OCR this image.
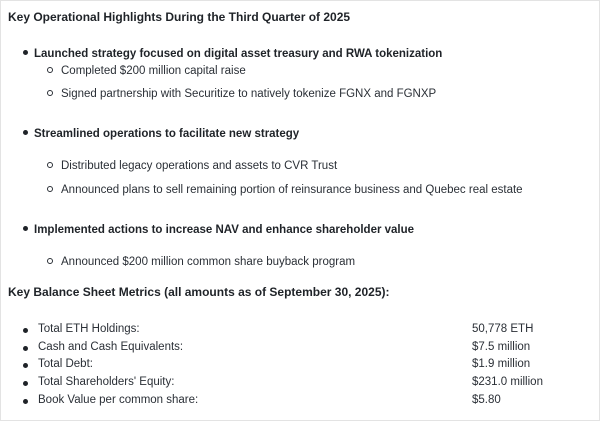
Key Operational Highlights During the Third Quarter of 2025
Launched strategy focused on digital asset treasury and RWA tokenization
Completed $200 million capital raise
Signed partnership with Securitize to natively tokenize FGNX and FGNXP
Streamlined operations to facilitate new strategy
Distributed legacy operations and assets to CVR Trust
Announced plans to sell remaining portion of reinsurance business and Quebec real estate
Implemented actions to increase NAV and enhance shareholder value
Announced $200 million common share buyback program
Key Balance Sheet Metrics (all amounts as of September 30, 2025):
Total ETH Holdings:	50,778 ETH
Cash and Cash Equivalents:	$7.5 million
Total Debt:	$1.9 million
Total Shareholders' Equity:	$231.0 million
Book Value per common share:	$5.80
